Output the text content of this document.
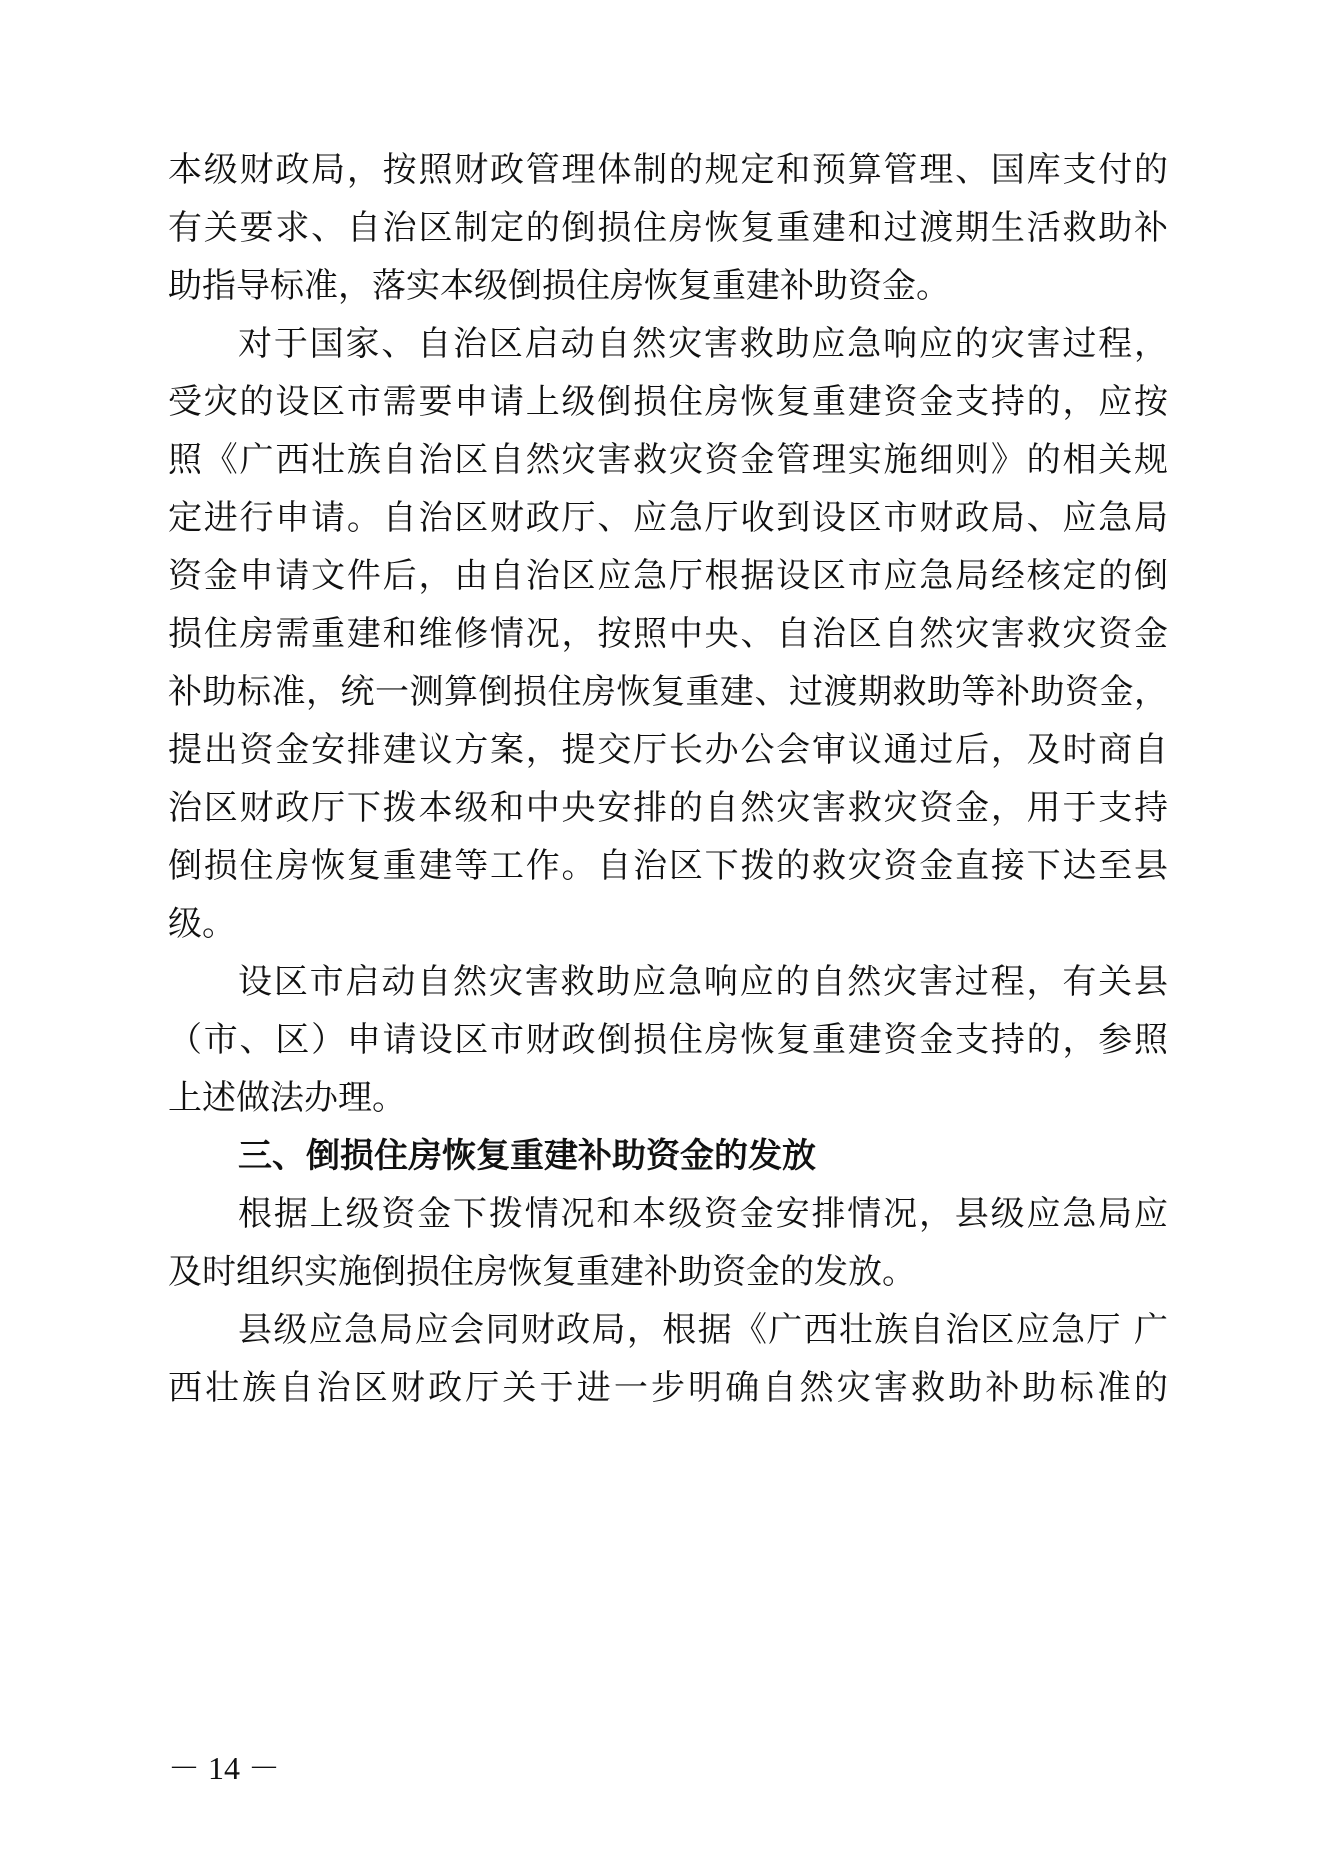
本级财政局，按照财政管理体制的规定和预算管理、国库支付的
有关要求、自治区制定的倒损住房恢复重建和过渡期生活救助补
助指导标准，落实本级倒损住房恢复重建补助资金。
对于国家、自治区启动自然灾害救助应急响应的灾害过程，
受灾的设区市需要申请上级倒损住房恢复重建资金支持的，应按
照《广西壮族自治区自然灾害救灾资金管理实施细则》的相关规
定进行申请。自治区财政厅、应急厅收到设区市财政局、应急局
资金申请文件后，由自治区应急厅根据设区市应急局经核定的倒
损住房需重建和维修情况，按照中央、自治区自然灾害救灾资金
补助标准，统一测算倒损住房恢复重建、过渡期救助等补助资金，
提出资金安排建议方案，提交厅长办公会审议通过后，及时商自
治区财政厅下拨本级和中央安排的自然灾害救灾资金，用于支持
倒损住房恢复重建等工作。自治区下拨的救灾资金直接下达至县
级。
设区市启动自然灾害救助应急响应的自然灾害过程，有关县
（市、区）申请设区市财政倒损住房恢复重建资金支持的，参照
上述做法办理。
三、倒损住房恢复重建补助资金的发放
根据上级资金下拨情况和本级资金安排情况，县级应急局应
及时组织实施倒损住房恢复重建补助资金的发放。
县级应急局应会同财政局，根据《广西壮族自治区应急厅 广
西壮族自治区财政厅关于进一步明确自然灾害救助补助标准的
－ 14 －
